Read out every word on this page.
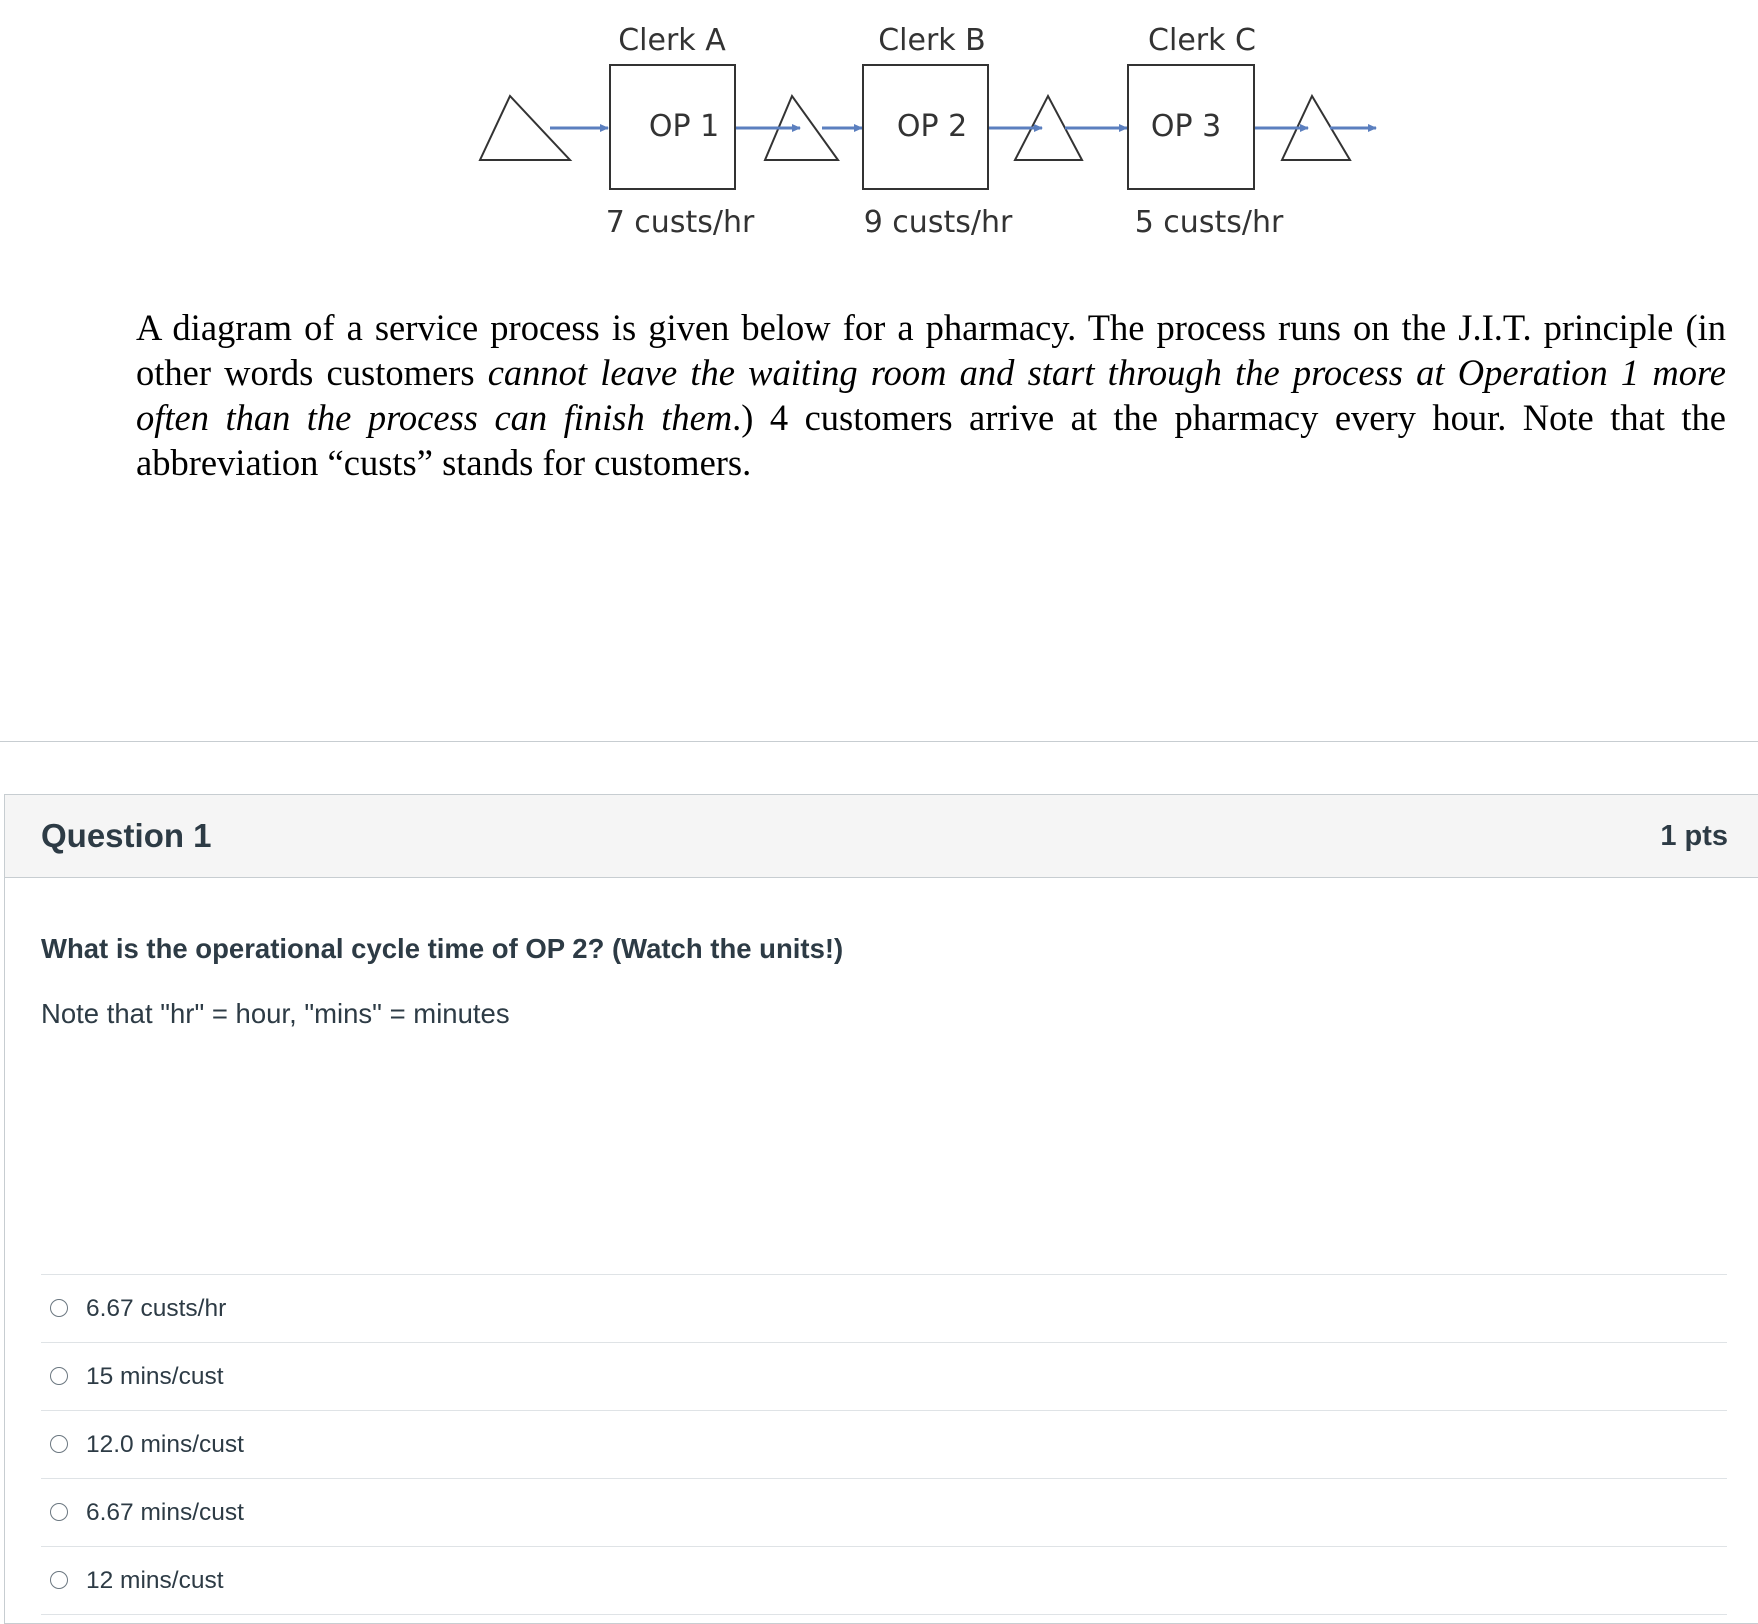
Clerk A	Clerk B	Clerk C
OP 1	OP 2	OP 3
7 custs/hr	9 custs/hr	5 custs/hr

A diagram of a service process is given below for a pharmacy. The process runs on the J.I.T. principle (in other words customers cannot leave the waiting room and start through the process at Operation 1 more often than the process can finish them.) 4 customers arrive at the pharmacy every hour. Note that the abbreviation “custs” stands for customers.

Question 1	1 pts

What is the operational cycle time of OP 2? (Watch the units!)

Note that "hr" = hour, "mins" = minutes

6.67 custs/hr
15 mins/cust
12.0 mins/cust
6.67 mins/cust
12 mins/cust
